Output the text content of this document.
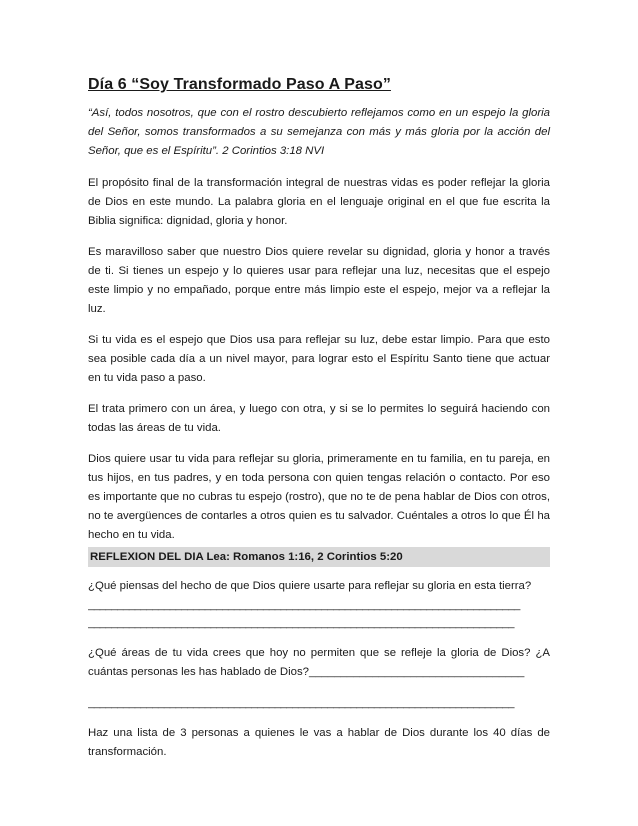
Día 6 “Soy Transformado Paso A Paso”

“Así, todos nosotros, que con el rostro descubierto reflejamos como en un espejo la gloria del Señor, somos transformados a su semejanza con más y más gloria por la acción del Señor, que es el Espíritu”. 2 Corintios 3:18 NVI

El propósito final de la transformación integral de nuestras vidas es poder reflejar la gloria de Dios en este mundo. La palabra gloria en el lenguaje original en el que fue escrita la Biblia significa: dignidad, gloria y honor.

Es maravilloso saber que nuestro Dios quiere revelar su dignidad, gloria y honor a través de ti. Si tienes un espejo y lo quieres usar para reflejar una luz, necesitas que el espejo este limpio y no empañado, porque entre más limpio este el espejo, mejor va a reflejar la luz.

Si tu vida es el espejo que Dios usa para reflejar su luz, debe estar limpio. Para que esto sea posible cada día a un nivel mayor, para lograr esto el Espíritu Santo tiene que actuar en tu vida paso a paso.

El trata primero con un área, y luego con otra, y si se lo permites lo seguirá haciendo con todas las áreas de tu vida.

Dios quiere usar tu vida para reflejar su gloria, primeramente en tu familia, en tu pareja, en tus hijos, en tus padres, y en toda persona con quien tengas relación o contacto. Por eso es importante que no cubras tu espejo (rostro), que no te de pena hablar de Dios con otros, no te avergüences de contarles a otros quien es tu salvador. Cuéntales a otros lo que Él ha hecho en tu vida.

REFLEXION DEL DIA Lea: Romanos 1:16, 2 Corintios 5:20

¿Qué piensas del hecho de que Dios quiere usarte para reflejar su gloria en esta tierra?

__________________________________________________________________________

_________________________________________________________________________

¿Qué áreas de tu vida crees que hoy no permiten que se refleje la gloria de Dios? ¿A cuántas personas les has hablado de Dios?__________________________________

_________________________________________________________________________

Haz una lista de 3 personas a quienes le vas a hablar de Dios durante los 40 días de transformación.
